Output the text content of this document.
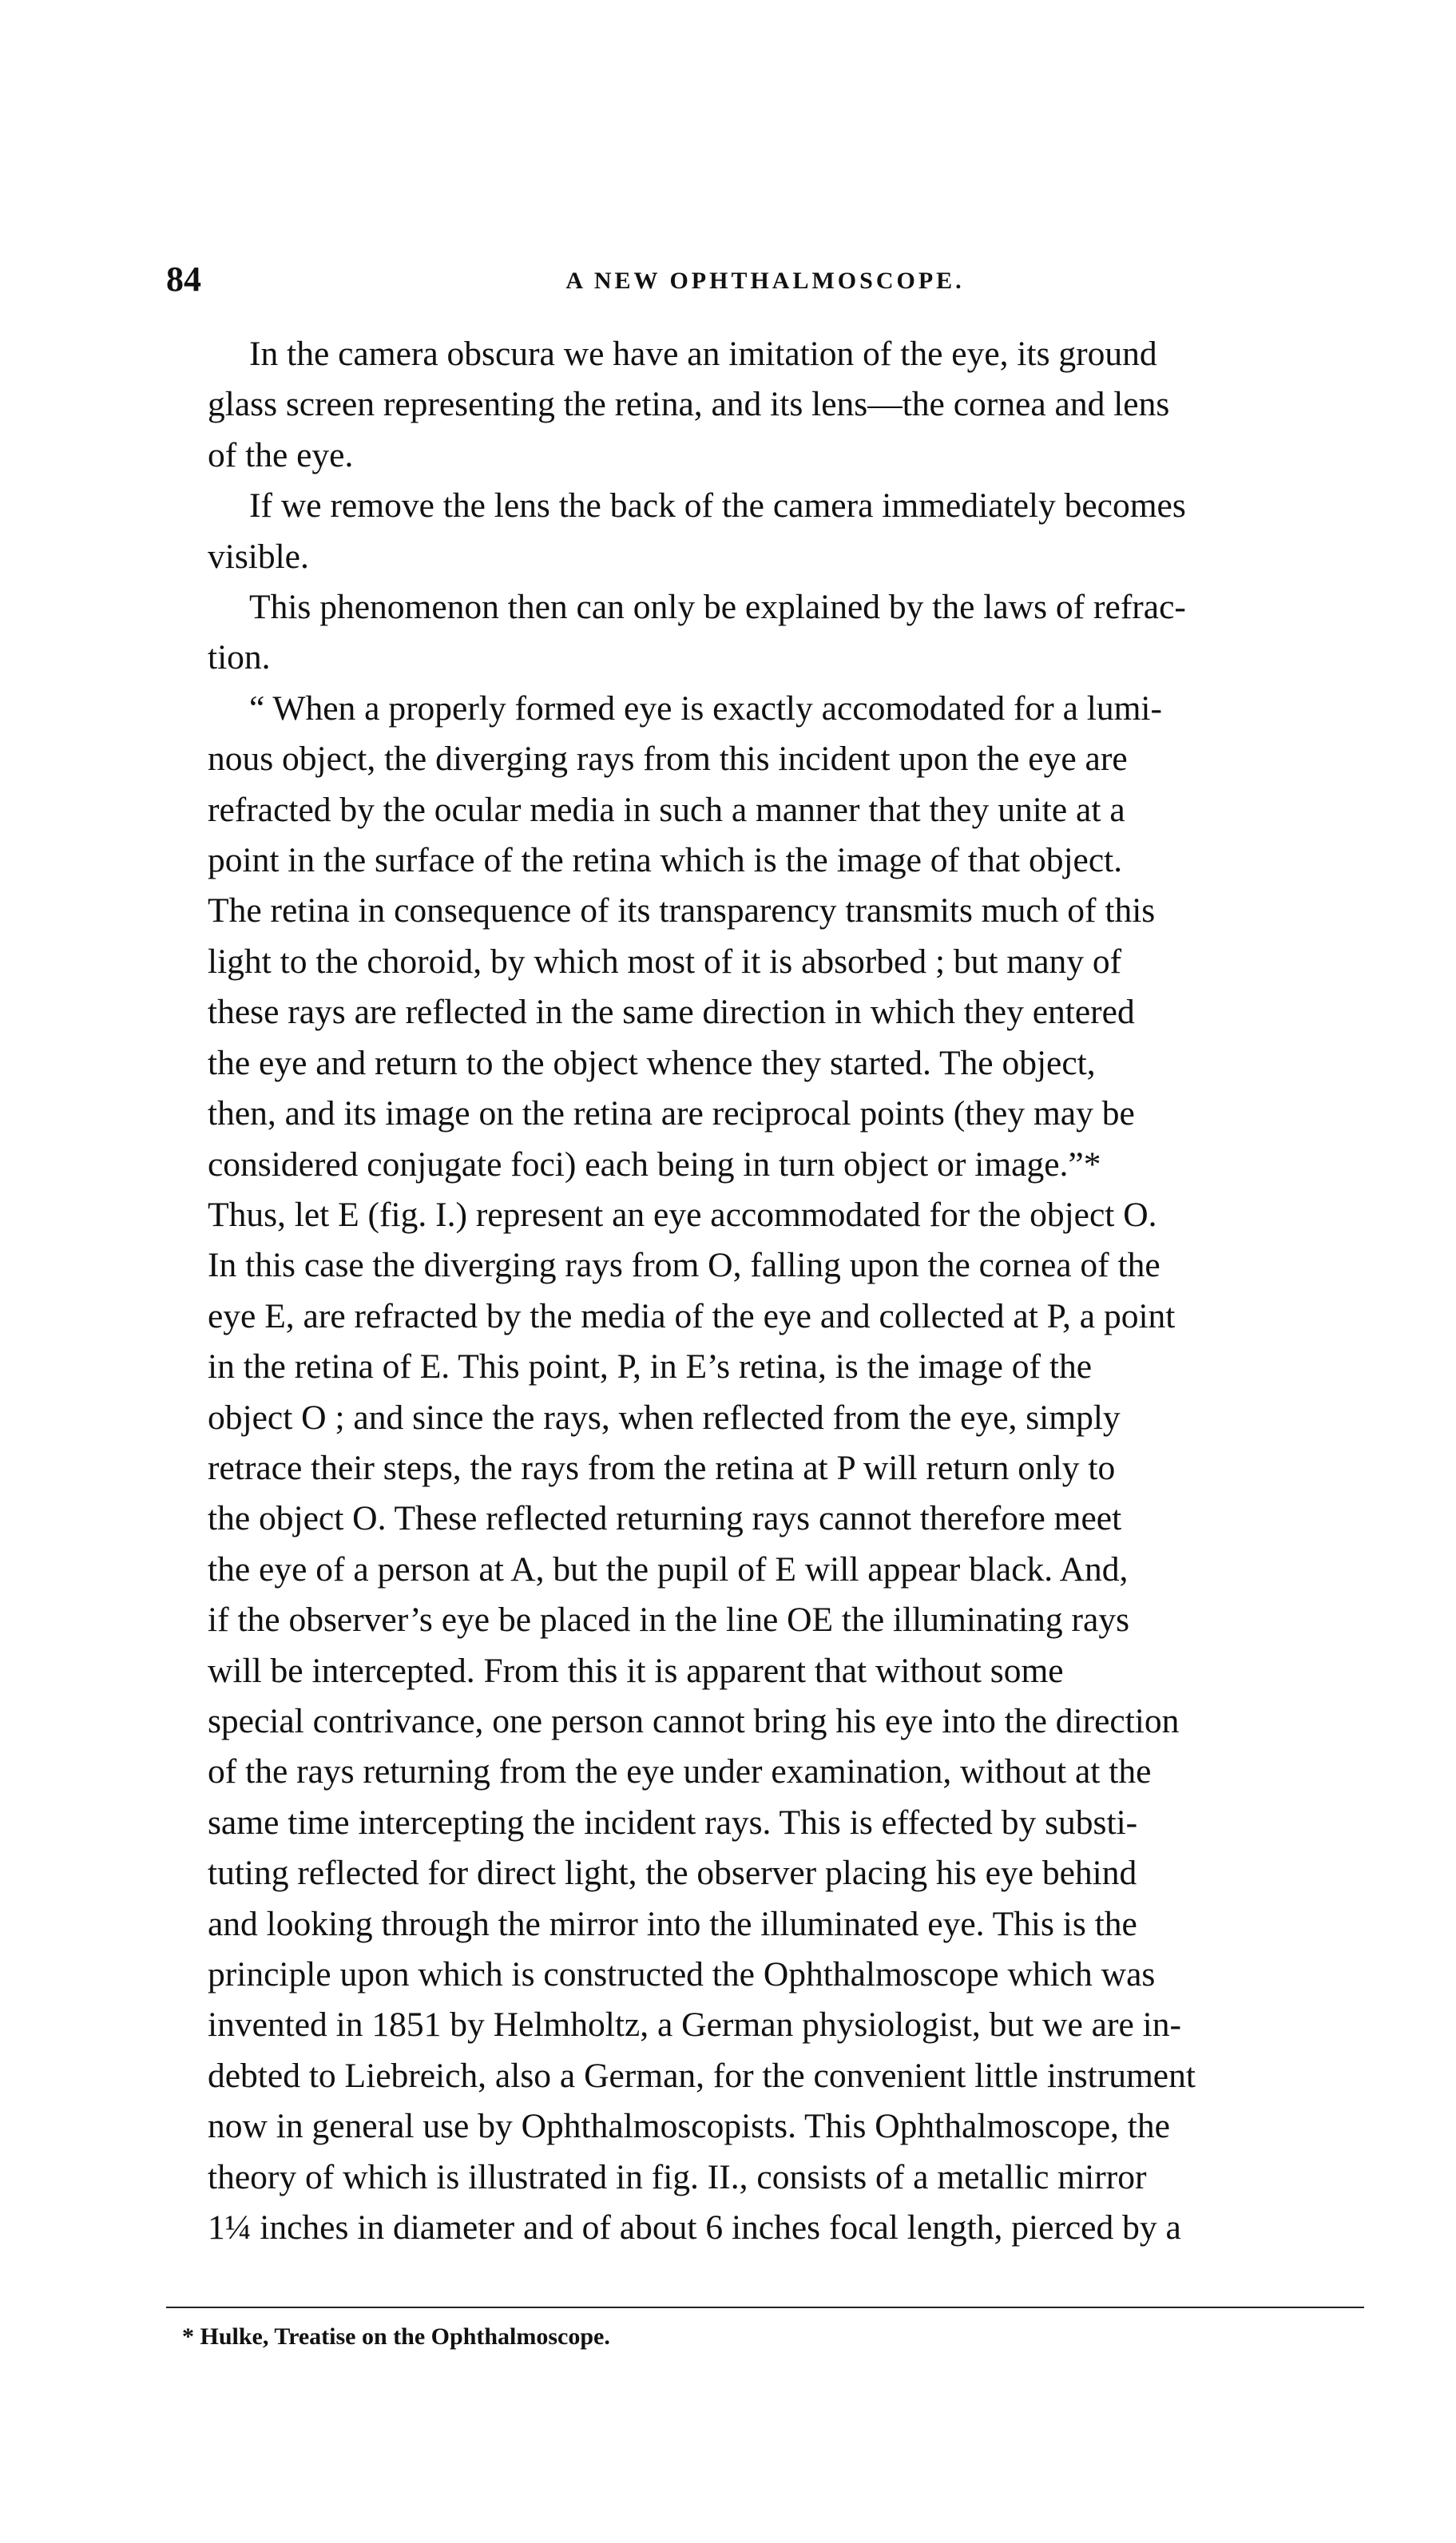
A NEW OPHTHALMOSCOPE.
84

In the camera obscura we have an imitation of the eye, its ground
glass screen representing the retina, and its lens—the cornea and lens
of the eye.

If we remove the lens the back of the camera immediately becomes
visible.

This phenomenon then can only be explained by the laws of refrac-
tion.

“ When a properly formed eye is exactly accomodated for a lumi-
nous object, the diverging rays from this incident upon the eye are
refracted by the ocular media in such a manner that they unite at a
point in the surface of the retina which is the image of that object.
The retina in consequence of its transparency transmits much of this
light to the choroid, by which most of it is absorbed ; but many of
these rays are reflected in the same direction in which they entered
the eye and return to the object whence they started. The object,
then, and its image on the retina are reciprocal points (they may be
considered conjugate foci) each being in turn object or image.”*
Thus, let E (fig. I.) represent an eye accommodated for the object O.
In this case the diverging rays from O, falling upon the cornea of the
eye E, are refracted by the media of the eye and collected at P, a point
in the retina of E. This point, P, in E’s retina, is the image of the
object O ; and since the rays, when reflected from the eye, simply
retrace their steps, the rays from the retina at P will return only to
the object O. These reflected returning rays cannot therefore meet
the eye of a person at A, but the pupil of E will appear black. And,
if the observer’s eye be placed in the line OE the illuminating rays
will be intercepted. From this it is apparent that without some
special contrivance, one person cannot bring his eye into the direction
of the rays returning from the eye under examination, without at the
same time intercepting the incident rays. This is effected by substi-
tuting reflected for direct light, the observer placing his eye behind
and looking through the mirror into the illuminated eye. This is the
principle upon which is constructed the Ophthalmoscope which was
invented in 1851 by Helmholtz, a German physiologist, but we are in-
debted to Liebreich, also a German, for the convenient little instrument
now in general use by Ophthalmoscopists. This Ophthalmoscope, the
theory of which is illustrated in fig. II., consists of a metallic mirror
1¼ inches in diameter and of about 6 inches focal length, pierced by a

* Hulke, Treatise on the Ophthalmoscope.
